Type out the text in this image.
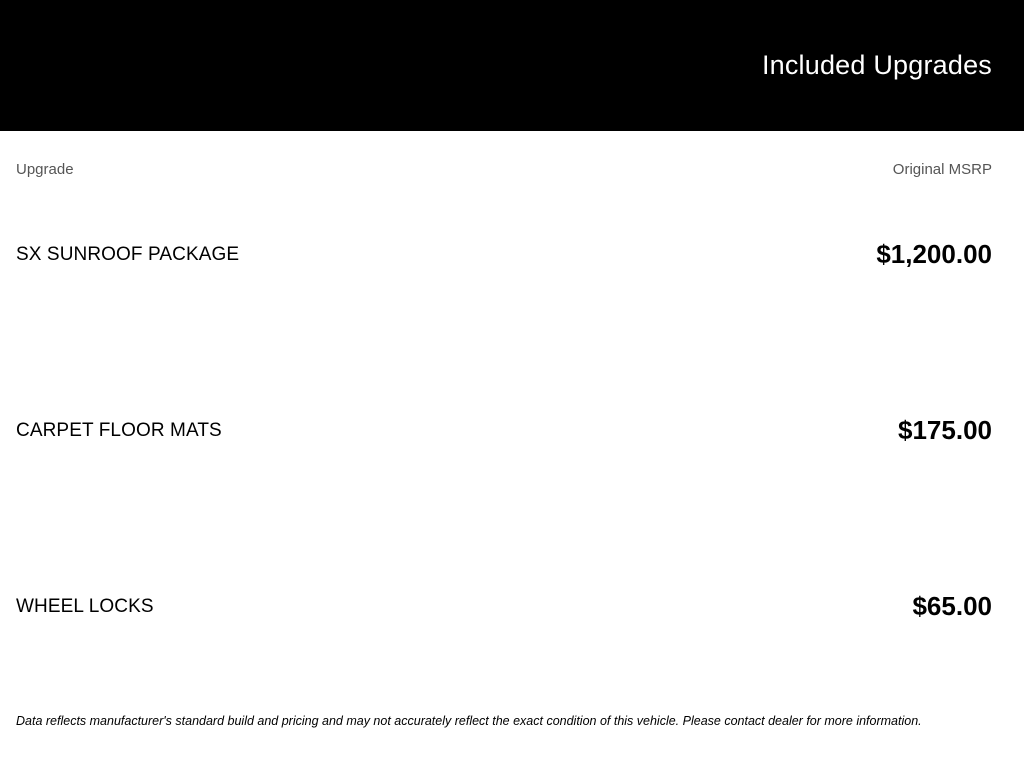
Included Upgrades
Upgrade	Original MSRP
SX SUNROOF PACKAGE	$1,200.00
CARPET FLOOR MATS	$175.00
WHEEL LOCKS	$65.00
Data reflects manufacturer's standard build and pricing and may not accurately reflect the exact condition of this vehicle. Please contact dealer for more information.
